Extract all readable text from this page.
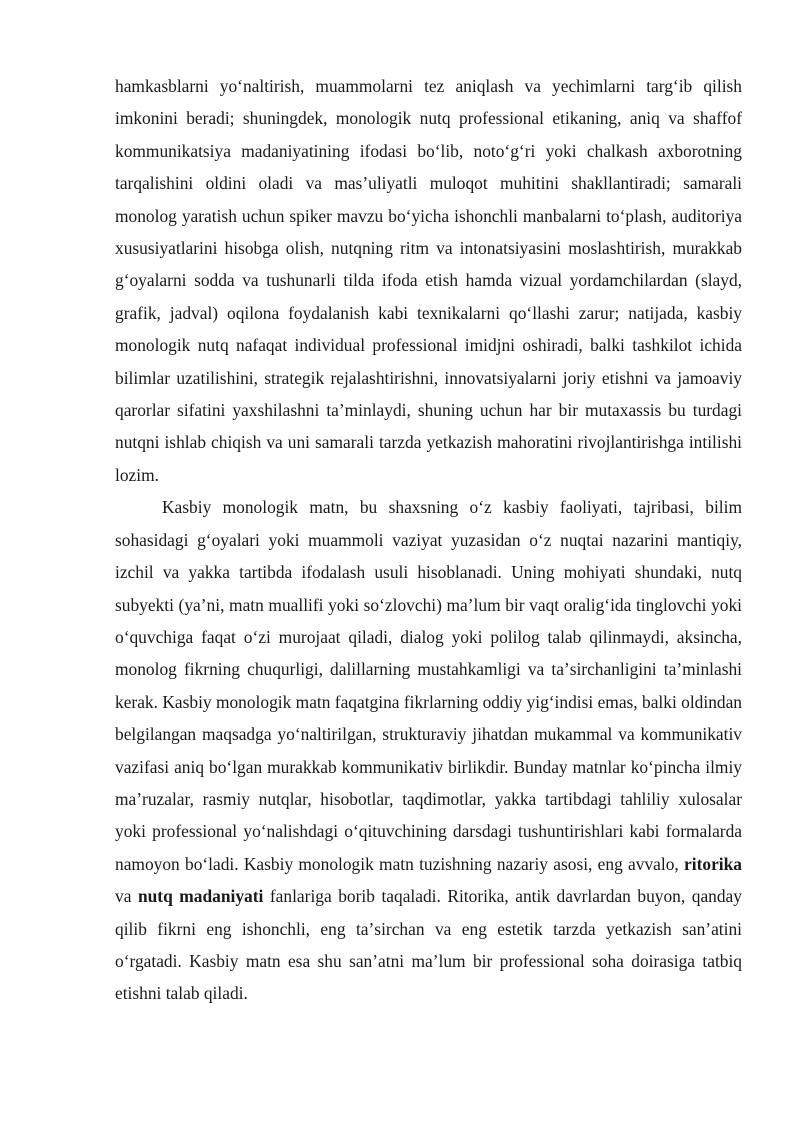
hamkasblarni yoʻnaltirish, muammolarni tez aniqlash va yechimlarni targʻib qilish imkonini beradi; shuningdek, monologik nutq professional etikaning, aniq va shaffof kommunikatsiya madaniyatining ifodasi boʻlib, notoʻgʻri yoki chalkash axborotning tarqalishini oldini oladi va masʼuliyatli muloqot muhitini shakllantiradi; samarali monolog yaratish uchun spiker mavzu boʻyicha ishonchli manbalarni toʻplash, auditoriya xususiyatlarini hisobga olish, nutqning ritm va intonatsiyasini moslashtirish, murakkab gʻoyalarni sodda va tushunarli tilda ifoda etish hamda vizual yordamchilardan (slayd, grafik, jadval) oqilona foydalanish kabi texnikalarni qoʻllashi zarur; natijada, kasbiy monologik nutq nafaqat individual professional imidjni oshiradi, balki tashkilot ichida bilimlar uzatilishini, strategik rejalashtirishni, innovatsiyalarni joriy etishni va jamoaviy qarorlar sifatini yaxshilashni taʼminlaydi, shuning uchun har bir mutaxassis bu turdagi nutqni ishlab chiqish va uni samarali tarzda yetkazish mahoratini rivojlantirishga intilishi lozim.

Kasbiy monologik matn, bu shaxsning oʻz kasbiy faoliyati, tajribasi, bilim sohasidagi gʻoyalari yoki muammoli vaziyat yuzasidan oʻz nuqtai nazarini mantiqiy, izchil va yakka tartibda ifodalash usuli hisoblanadi. Uning mohiyati shundaki, nutq subyekti (yaʼni, matn muallifi yoki soʻzlovchi) maʼlum bir vaqt oraligʻida tinglovchi yoki oʻquvchiga faqat oʻzi murojaat qiladi, dialog yoki polilog talab qilinmaydi, aksincha, monolog fikrning chuqurligi, dalillarning mustahkamligi va taʼsirchanligini taʼminlashi kerak. Kasbiy monologik matn faqatgina fikrlarning oddiy yigʻindisi emas, balki oldindan belgilangan maqsadga yoʻnaltirilgan, strukturaviy jihatdan mukammal va kommunikativ vazifasi aniq boʻlgan murakkab kommunikativ birlikdir. Bunday matnlar koʻpincha ilmiy maʼruzalar, rasmiy nutqlar, hisobotlar, taqdimotlar, yakka tartibdagi tahliliy xulosalar yoki professional yoʻnalishdagi oʻqituvchining darsdagi tushuntirishlari kabi formalarda namoyon boʻladi. Kasbiy monologik matn tuzishning nazariy asosi, eng avvalo, ritorika va nutq madaniyati fanlariga borib taqaladi. Ritorika, antik davrlardan buyon, qanday qilib fikrni eng ishonchli, eng taʼsirchan va eng estetik tarzda yetkazish sanʼatini oʻrgatadi. Kasbiy matn esa shu sanʼatni maʼlum bir professional soha doirasiga tatbiq etishni talab qiladi.
